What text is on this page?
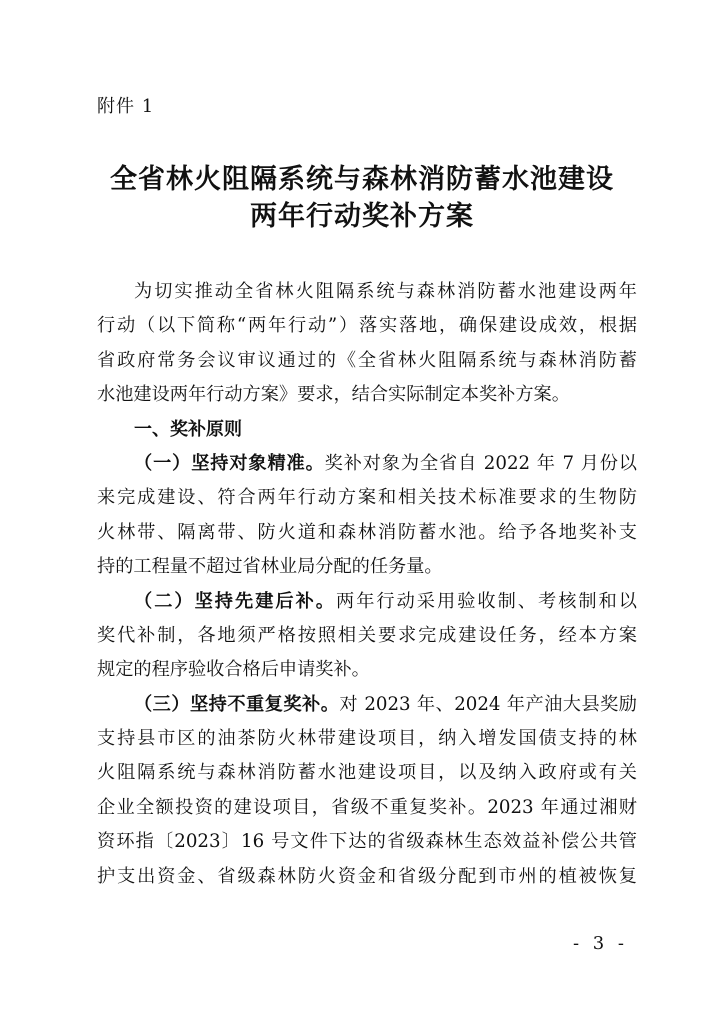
附件 1
全省林火阻隔系统与森林消防蓄水池建设
两年行动奖补方案
为切实推动全省林火阻隔系统与森林消防蓄水池建设两年
行动（以下简称“两年行动”）落实落地，确保建设成效，根据
省政府常务会议审议通过的《全省林火阻隔系统与森林消防蓄
水池建设两年行动方案》要求，结合实际制定本奖补方案。
一、奖补原则
（一）坚持对象精准。奖补对象为全省自 2022 年 7 月份以
来完成建设、符合两年行动方案和相关技术标准要求的生物防
火林带、隔离带、防火道和森林消防蓄水池。给予各地奖补支
持的工程量不超过省林业局分配的任务量。
（二）坚持先建后补。两年行动采用验收制、考核制和以
奖代补制，各地须严格按照相关要求完成建设任务，经本方案
规定的程序验收合格后申请奖补。
（三）坚持不重复奖补。对 2023 年、2024 年产油大县奖励
支持县市区的油茶防火林带建设项目，纳入增发国债支持的林
火阻隔系统与森林消防蓄水池建设项目，以及纳入政府或有关
企业全额投资的建设项目，省级不重复奖补。2023 年通过湘财
资环指〔2023〕16 号文件下达的省级森林生态效益补偿公共管
护支出资金、省级森林防火资金和省级分配到市州的植被恢复
- 3 -
